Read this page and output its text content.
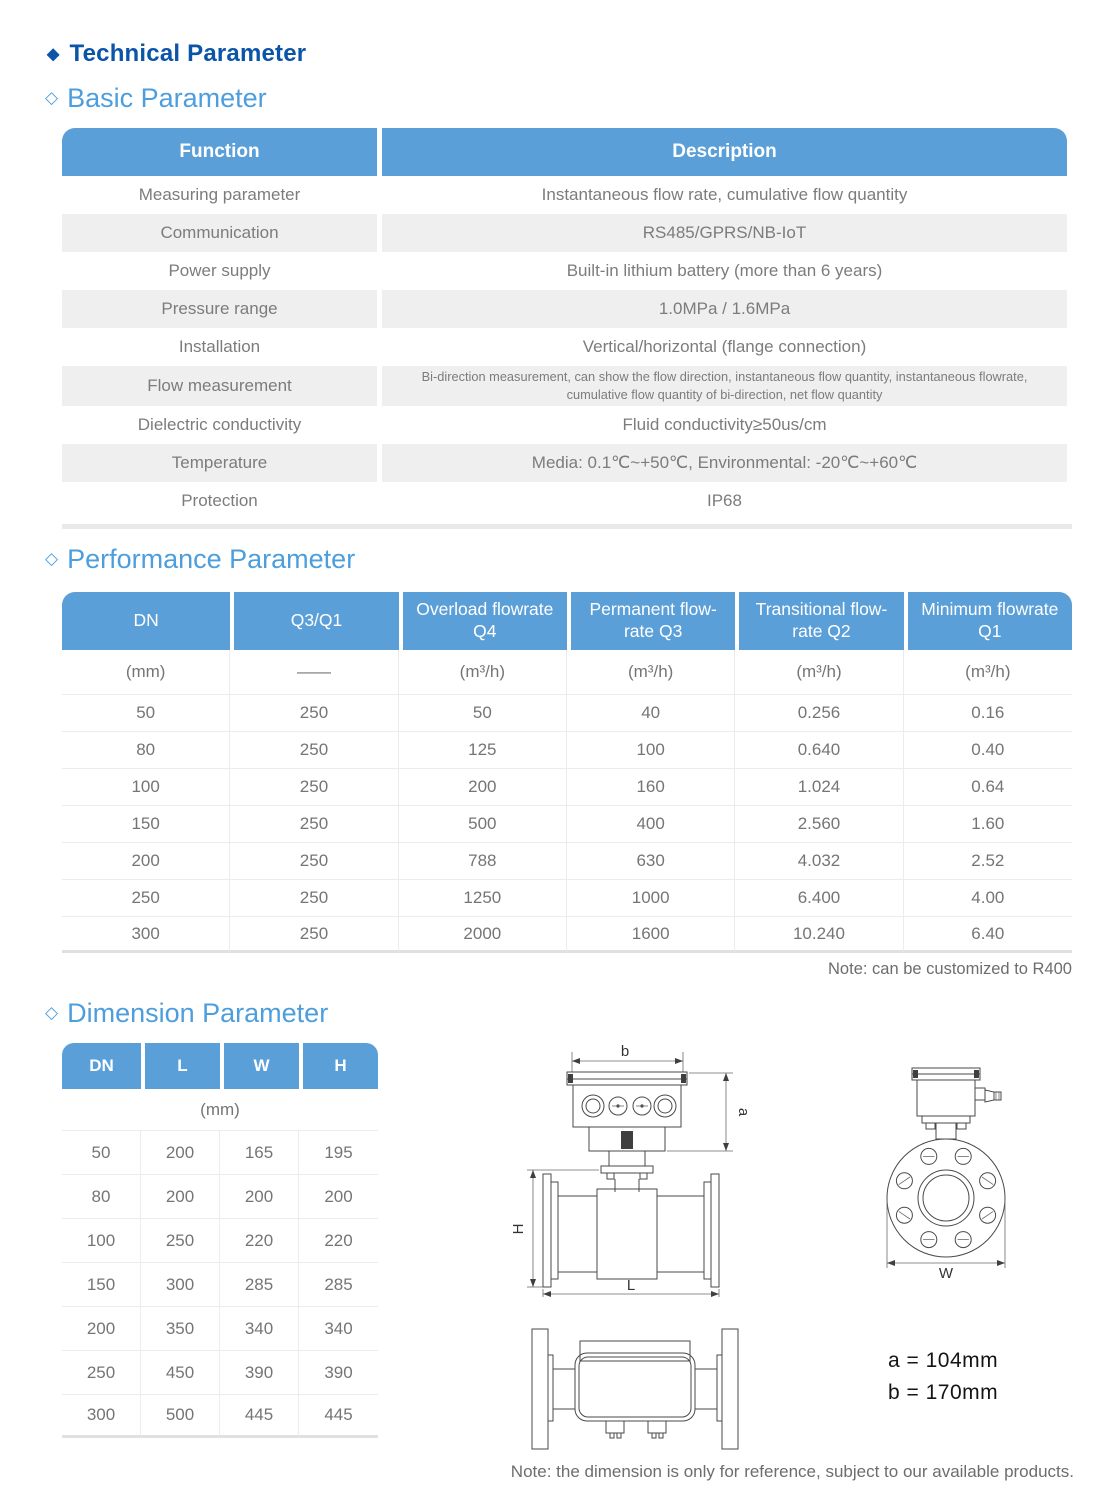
◆ Technical Parameter
◇ Basic Parameter
Function	Description
Measuring parameter	Instantaneous flow rate, cumulative flow quantity
Communication	RS485/GPRS/NB-IoT
Power supply	Built-in lithium battery (more than 6 years)
Pressure range	1.0MPa / 1.6MPa
Installation	Vertical/horizontal (flange connection)
Flow measurement	Bi-direction measurement, can show the flow direction, instantaneous flow quantity, instantaneous flowrate, cumulative flow quantity of bi-direction, net flow quantity
Dielectric conductivity	Fluid conductivity≥50us/cm
Temperature	Media: 0.1℃~+50℃, Environmental: -20℃~+60℃
Protection	IP68
◇ Performance Parameter
DN	Q3/Q1	Overload flowrate Q4	Permanent flow-rate Q3	Transitional flow-rate Q2	Minimum flowrate Q1
(mm)	——	(m³/h)	(m³/h)	(m³/h)	(m³/h)
50	250	50	40	0.256	0.16
80	250	125	100	0.640	0.40
100	250	200	160	1.024	0.64
150	250	500	400	2.560	1.60
200	250	788	630	4.032	2.52
250	250	1250	1000	6.400	4.00
300	250	2000	1600	10.240	6.40
Note: can be customized to R400
◇ Dimension Parameter
DN	L	W	H
(mm)			
50	200	165	195
80	200	200	200
100	250	220	220
150	300	285	285
200	350	340	340
250	450	390	390
300	500	445	445
b
a
H
L
W
a = 104mm
b = 170mm
Note: the dimension is only for reference, subject to our available products.
